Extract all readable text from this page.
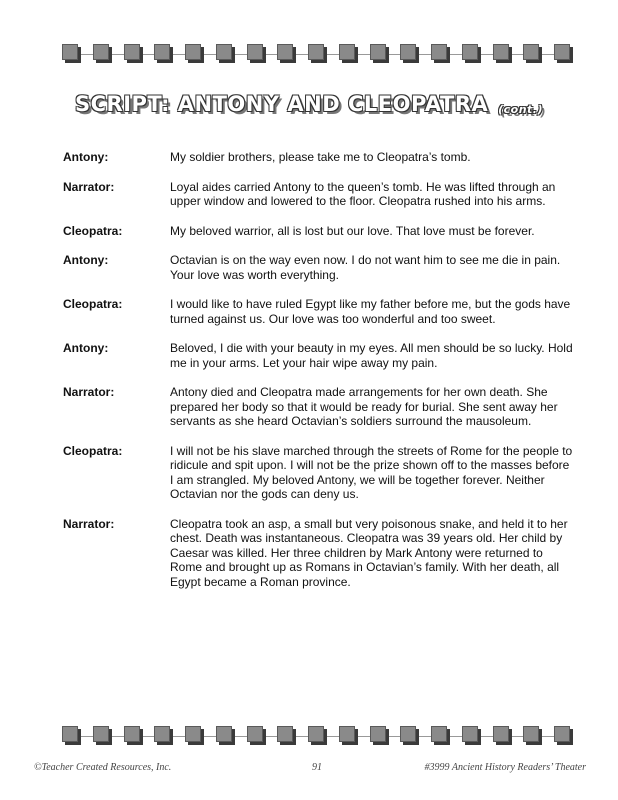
SCRIPT: ANTONY AND CLEOPATRA (cont.)
Antony:	My soldier brothers, please take me to Cleopatra’s tomb.
Narrator:	Loyal aides carried Antony to the queen’s tomb. He was lifted through an upper window and lowered to the floor. Cleopatra rushed into his arms.
Cleopatra:	My beloved warrior, all is lost but our love. That love must be forever.
Antony:	Octavian is on the way even now. I do not want him to see me die in pain. Your love was worth everything.
Cleopatra:	I would like to have ruled Egypt like my father before me, but the gods have turned against us. Our love was too wonderful and too sweet.
Antony:	Beloved, I die with your beauty in my eyes. All men should be so lucky. Hold me in your arms. Let your hair wipe away my pain.
Narrator:	Antony died and Cleopatra made arrangements for her own death. She prepared her body so that it would be ready for burial. She sent away her servants as she heard Octavian’s soldiers surround the mausoleum.
Cleopatra:	I will not be his slave marched through the streets of Rome for the people to ridicule and spit upon. I will not be the prize shown off to the masses before I am strangled. My beloved Antony, we will be together forever. Neither Octavian nor the gods can deny us.
Narrator:	Cleopatra took an asp, a small but very poisonous snake, and held it to her chest. Death was instantaneous. Cleopatra was 39 years old. Her child by Caesar was killed. Her three children by Mark Antony were returned to Rome and brought up as Romans in Octavian’s family. With her death, all Egypt became a Roman province.
©Teacher Created Resources, Inc.	91	#3999 Ancient History Readers’ Theater
